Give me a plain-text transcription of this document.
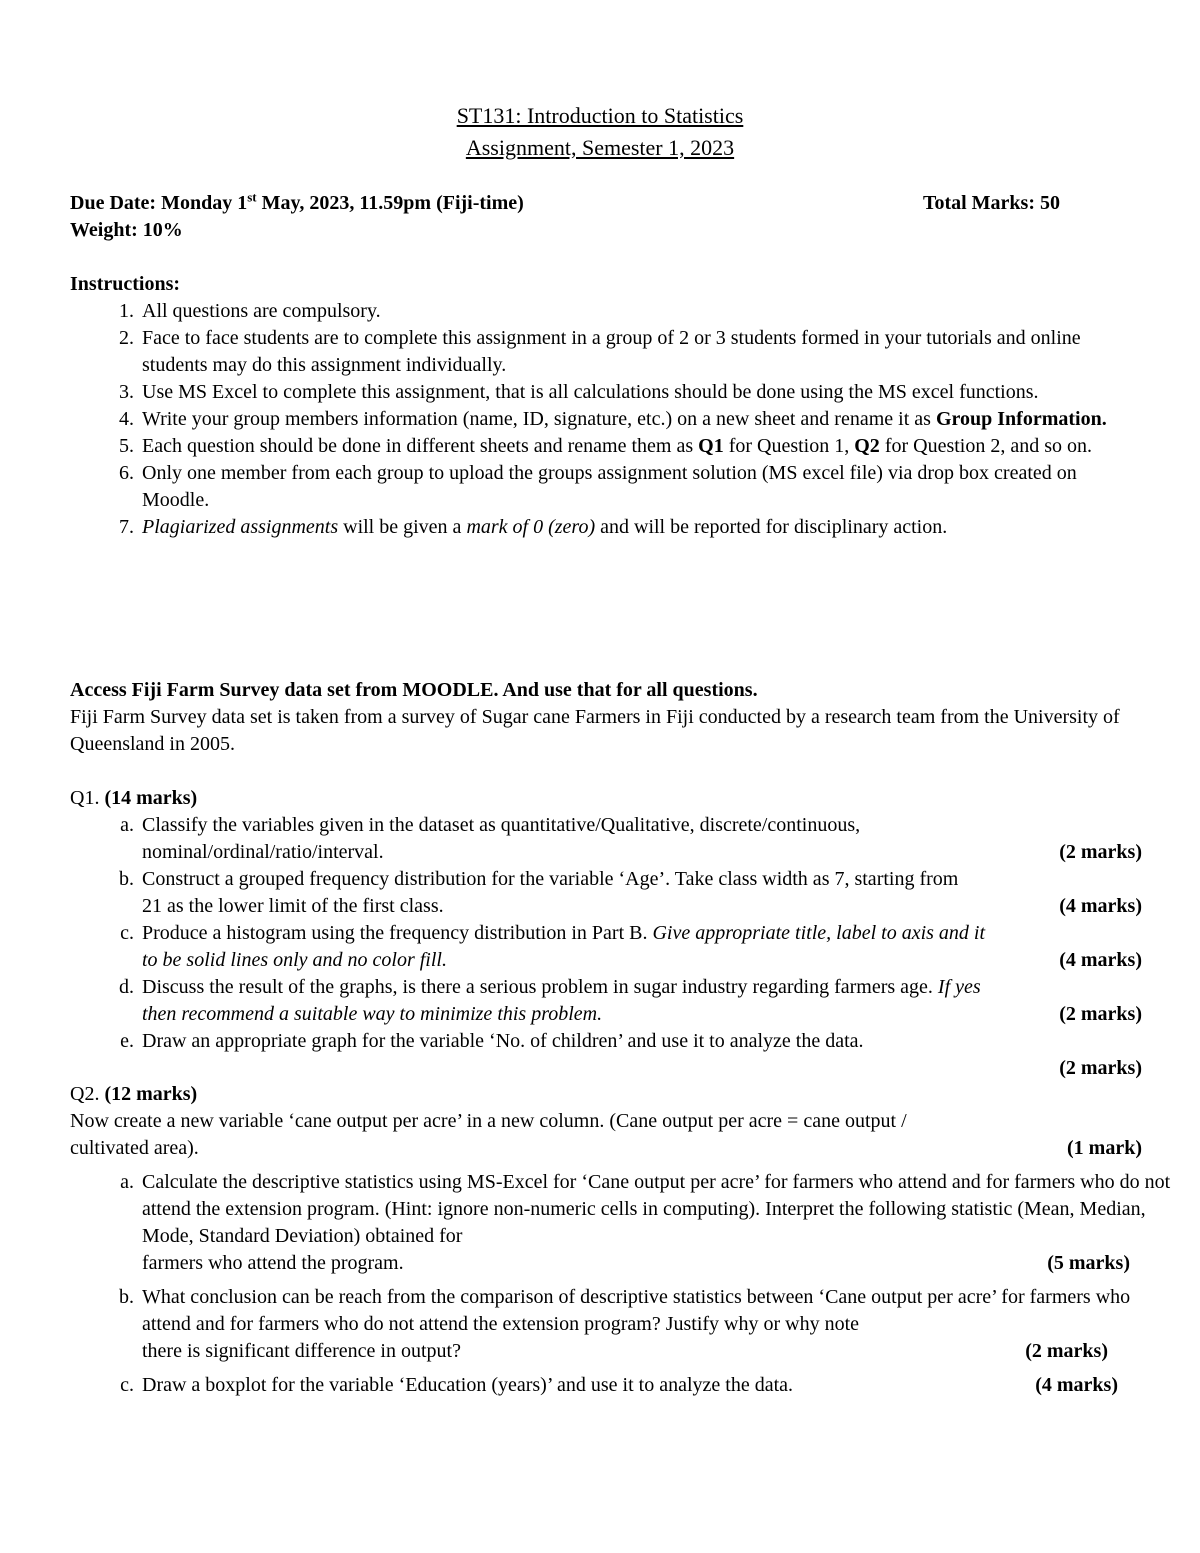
ST131: Introduction to Statistics
Assignment, Semester 1, 2023
Due Date: Monday 1st May, 2023, 11.59pm (Fiji-time)	Total Marks: 50
Weight: 10%
Instructions:
1. All questions are compulsory.
2. Face to face students are to complete this assignment in a group of 2 or 3 students formed in your tutorials and online students may do this assignment individually.
3. Use MS Excel to complete this assignment, that is all calculations should be done using the MS excel functions.
4. Write your group members information (name, ID, signature, etc.) on a new sheet and rename it as Group Information.
5. Each question should be done in different sheets and rename them as Q1 for Question 1, Q2 for Question 2, and so on.
6. Only one member from each group to upload the groups assignment solution (MS excel file) via drop box created on Moodle.
7. Plagiarized assignments will be given a mark of 0 (zero) and will be reported for disciplinary action.
Access Fiji Farm Survey data set from MOODLE. And use that for all questions.
Fiji Farm Survey data set is taken from a survey of Sugar cane Farmers in Fiji conducted by a research team from the University of Queensland in 2005.
Q1. (14 marks)
a. Classify the variables given in the dataset as quantitative/Qualitative, discrete/continuous,
nominal/ordinal/ratio/interval.	(2 marks)
b. Construct a grouped frequency distribution for the variable ‘Age’. Take class width as 7, starting from
21 as the lower limit of the first class.	(4 marks)
c. Produce a histogram using the frequency distribution in Part B. Give appropriate title, label to axis and it
to be solid lines only and no color fill.	(4 marks)
d. Discuss the result of the graphs, is there a serious problem in sugar industry regarding farmers age. If yes
then recommend a suitable way to minimize this problem.	(2 marks)
e. Draw an appropriate graph for the variable ‘No. of children’ and use it to analyze the data.
(2 marks)
Q2. (12 marks)
Now create a new variable ‘cane output per acre’ in a new column. (Cane output per acre = cane output /
cultivated area).	(1 mark)
a. Calculate the descriptive statistics using MS-Excel for ‘Cane output per acre’ for farmers who attend and for farmers who do not attend the extension program. (Hint: ignore non-numeric cells in computing). Interpret the following statistic (Mean, Median, Mode, Standard Deviation) obtained for
farmers who attend the program.	(5 marks)
b. What conclusion can be reach from the comparison of descriptive statistics between ‘Cane output per acre’ for farmers who attend and for farmers who do not attend the extension program? Justify why or why note
there is significant difference in output?	(2 marks)
c. Draw a boxplot for the variable ‘Education (years)’ and use it to analyze the data.	(4 marks)
